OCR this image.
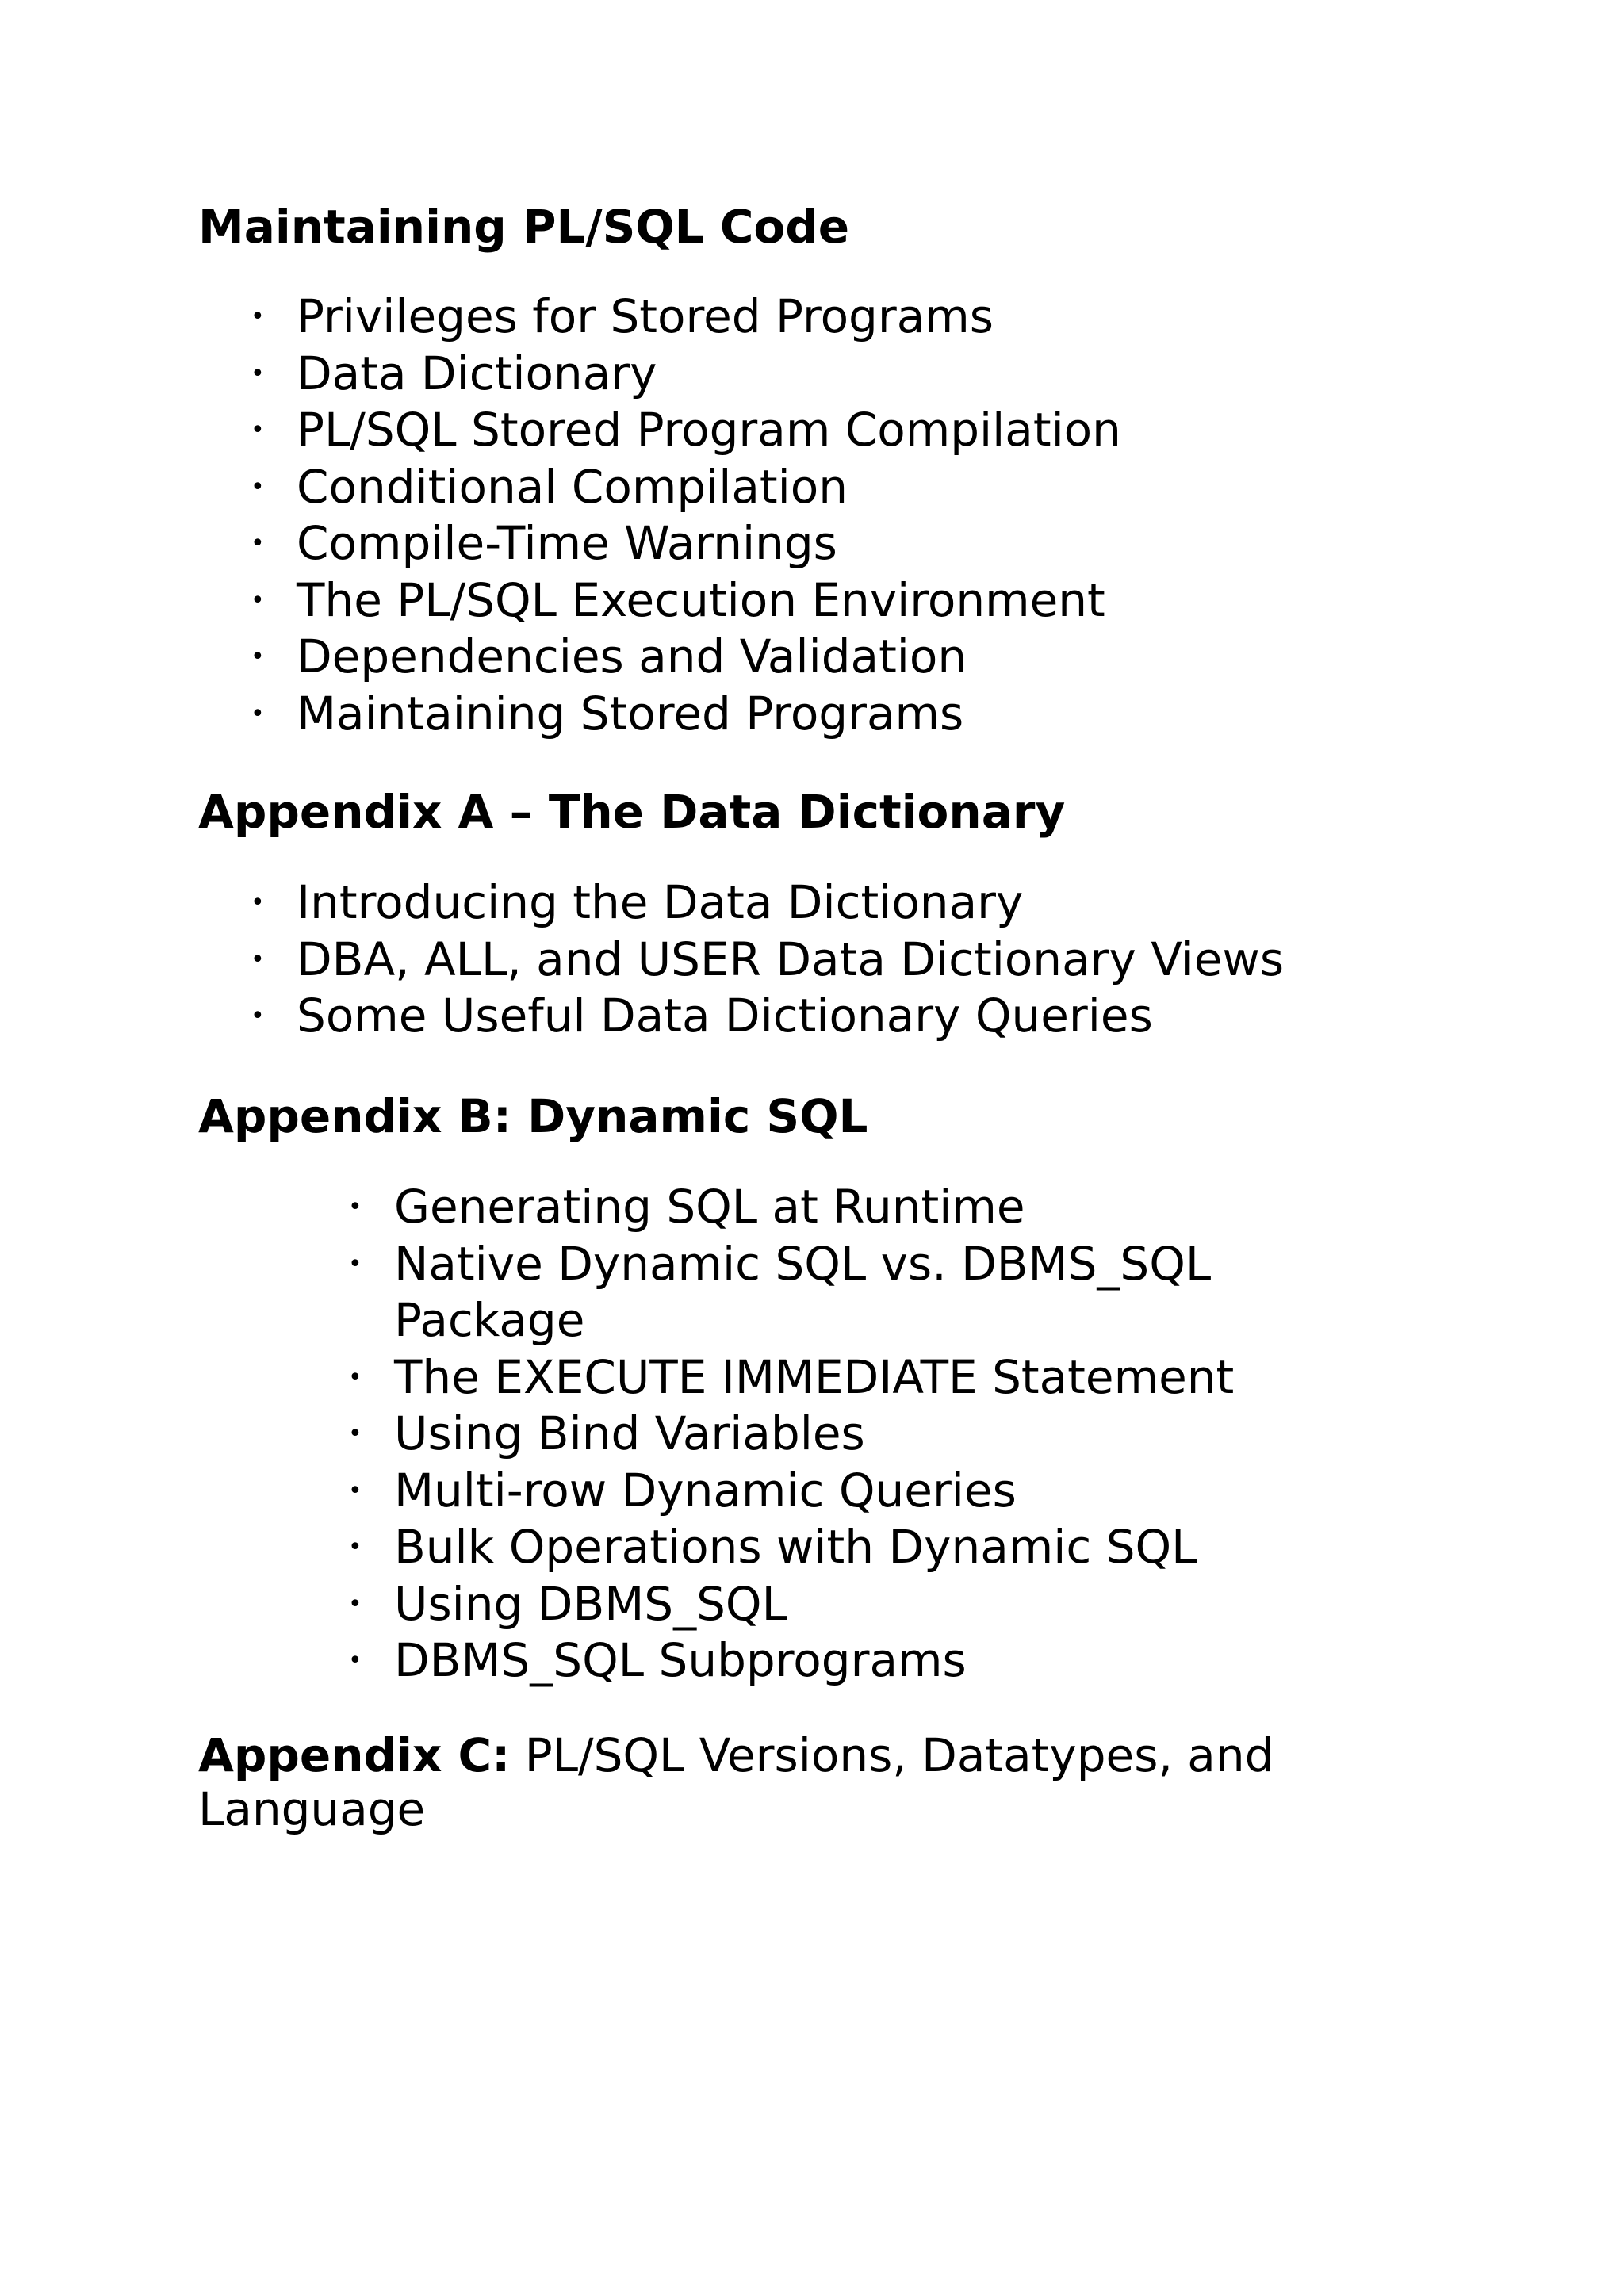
Maintaining PL/SQL Code
• Privileges for Stored Programs
• Data Dictionary
• PL/SQL Stored Program Compilation
• Conditional Compilation
• Compile-Time Warnings
• The PL/SQL Execution Environment
• Dependencies and Validation
• Maintaining Stored Programs
Appendix A – The Data Dictionary
• Introducing the Data Dictionary
• DBA, ALL, and USER Data Dictionary Views
• Some Useful Data Dictionary Queries
Appendix B: Dynamic SQL
• Generating SQL at Runtime
• Native Dynamic SQL vs. DBMS_SQL Package
• The EXECUTE IMMEDIATE Statement
• Using Bind Variables
• Multi-row Dynamic Queries
• Bulk Operations with Dynamic SQL
• Using DBMS_SQL
• DBMS_SQL Subprograms

Appendix C: PL/SQL Versions, Datatypes, and Language
